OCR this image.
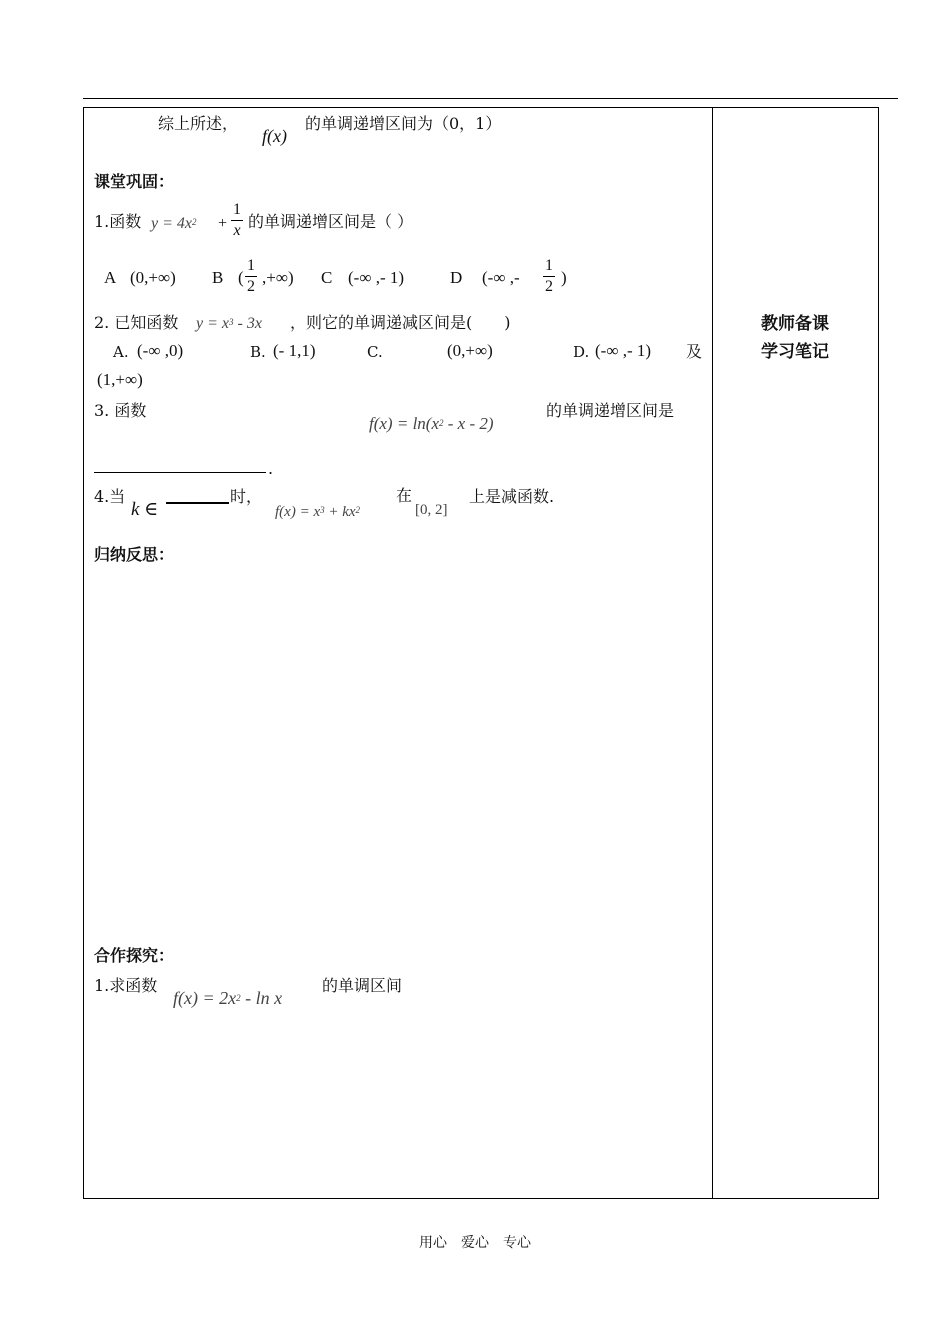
综上所述，
f(x)
的单调递增区间为（0，1）
课堂巩固：
1.函数 $y = 4x^2 + \frac{1}{x}$ 的单调递增区间是（ ）
A (0,+∞) B ( $\frac{1}{2}$ ,+∞) C (-∞ ,- 1)	D (-∞ ,- $\frac{1}{2}$ )
2. 已知函数 $y = x^3 - 3x$ ，则它的单调递减区间是(　　)
A. (-∞ ,0)	B. (- 1,1)	C.	(0,+∞)	D. (-∞ ,- 1) 及
(1,+∞)
3. 函数
$f(x) = \ln(x^2 - x - 2)$
的单调递增区间是
.
4.当
k ∈
时，
$f(x) = x^3 + kx^2$
在
[0, 2]
上是减函数.
归纳反思：
合作探究：
1.求函数
$f(x) = 2x^2 - \ln x$
的单调区间
教师备课
学习笔记
用心　爱心　专心
